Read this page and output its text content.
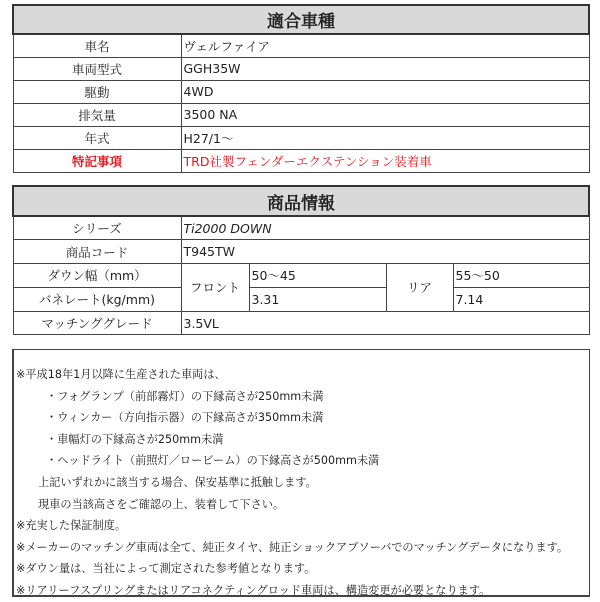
適合車種	
車名	ヴェルファイア
車両型式	GGH35W
駆動	4WD
排気量	3500 NA
年式	H27/1～
特記事項	TRD社製フェンダーエクステンション装着車
商品情報				
シリーズ	Ti2000 DOWN			
商品コード	T945TW			
ダウン幅（mm）	フロント	50～45	リア	55～50
バネレート(kg/mm)		3.31		7.14
マッチンググレード	3.5VL			
※平成18年1月以降に生産された車両は、
・フォグランプ（前部霧灯）の下縁高さが250mm未満
・ウィンカー（方向指示器）の下縁高さが350mm未満
・車幅灯の下縁高さが250mm未満
・ヘッドライト（前照灯／ロービーム）の下縁高さが500mm未満
上記いずれかに該当する場合、保安基準に抵触します。
現車の当該高さをご確認の上、装着して下さい。
※充実した保証制度。
※メーカーのマッチング車両は全て、純正タイヤ、純正ショックアブソーバでのマッチングデータになります。
※ダウン量は、当社によって測定された参考値となります。
※リアリーフスプリングまたはリアコネクティングロッド車両は、構造変更が必要となります。
